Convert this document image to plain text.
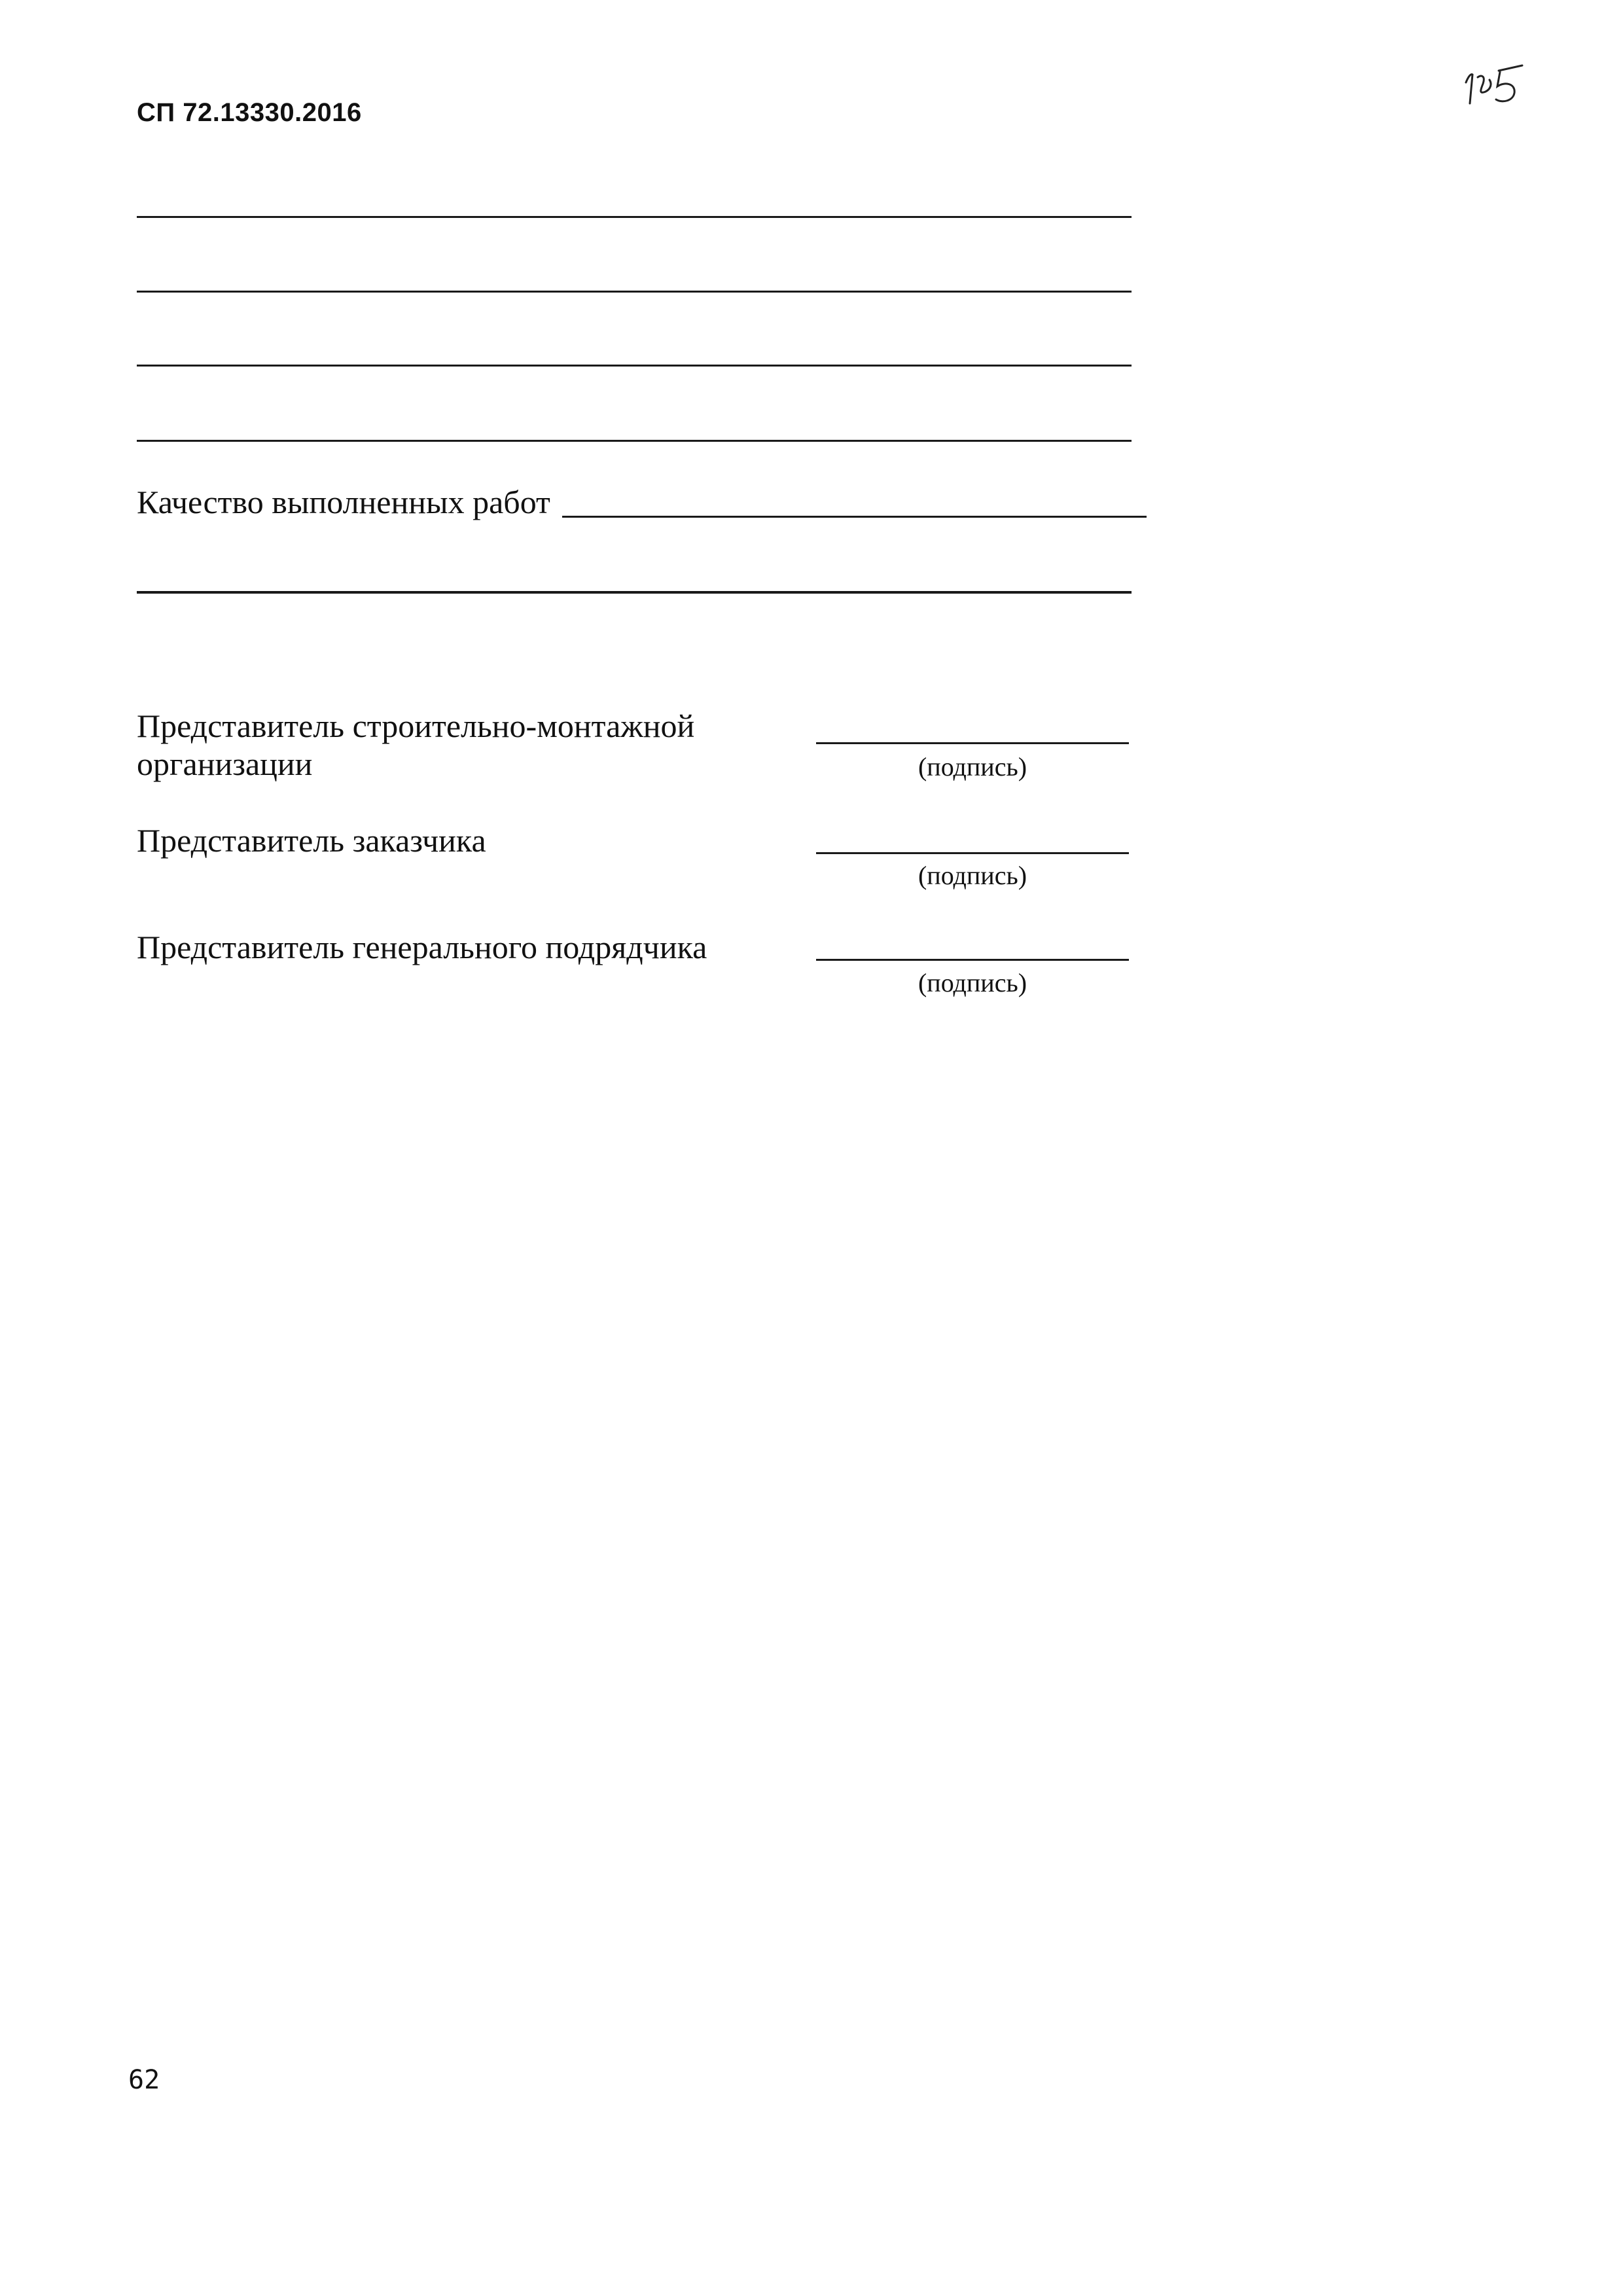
СП 72.13330.2016
Качество выполненных работ
Представитель строительно-монтажной организации	(подпись)
Представитель заказчика
(подпись)
Представитель генерального подрядчика
(подпись)
62
